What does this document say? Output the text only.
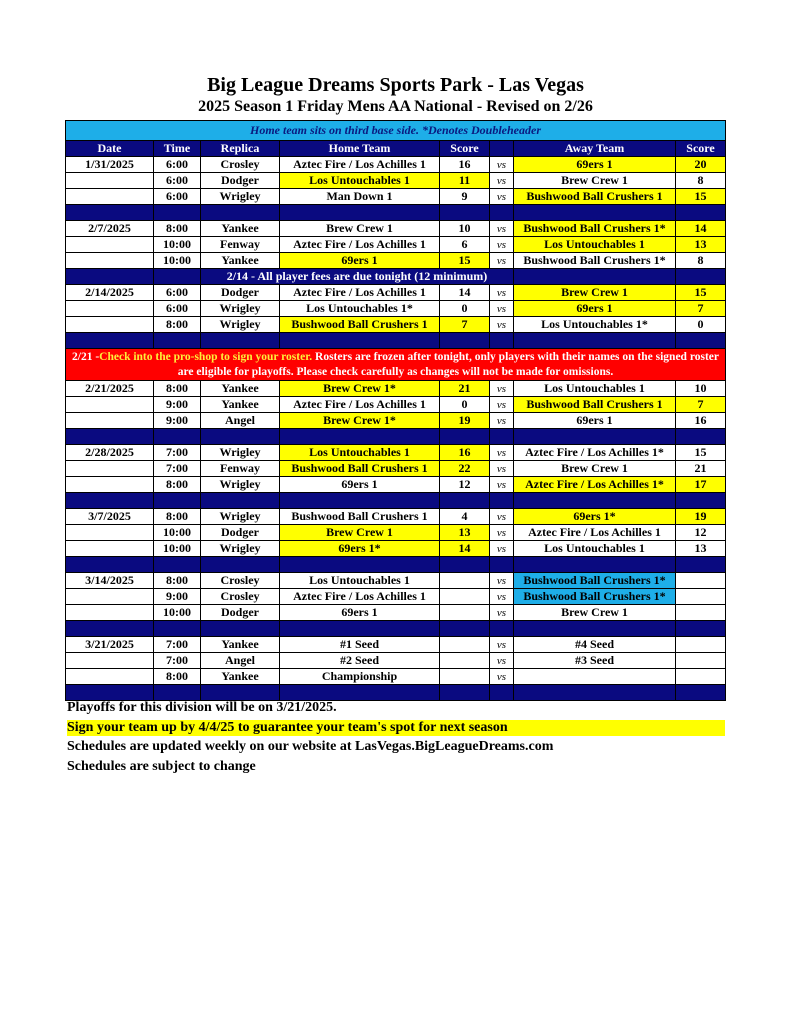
Big League Dreams Sports Park - Las Vegas
2025 Season 1 Friday Mens AA National - Revised on 2/26
Home team sits on third base side. *Denotes Doubleheader							
Date	Time	Replica	Home Team	Score		Away Team	Score
1/31/2025	6:00	Crosley	Aztec Fire / Los Achilles 1	16	vs	69ers 1	20
	6:00	Dodger	Los Untouchables 1	11	vs	Brew Crew 1	8
	6:00	Wrigley	Man Down 1	9	vs	Bushwood Ball Crushers 1	15

2/7/2025	8:00	Yankee	Brew Crew 1	10	vs	Bushwood Ball Crushers 1*	14
	10:00	Fenway	Aztec Fire / Los Achilles 1	6	vs	Los Untouchables 1	13
	10:00	Yankee	69ers 1	15	vs	Bushwood Ball Crushers 1*	8
		2/14 - All player fees are due tonight (12 minimum)					
2/14/2025	6:00	Dodger	Aztec Fire / Los Achilles 1	14	vs	Brew Crew 1	15
	6:00	Wrigley	Los Untouchables 1*	0	vs	69ers 1	7
	8:00	Wrigley	Bushwood Ball Crushers 1	7	vs	Los Untouchables 1*	0

2/21 -Check into the pro-shop to sign your roster. Rosters are frozen after tonight, only players with their names on the signed roster are eligible for playoffs. Please check carefully as changes will not be made for omissions.							
2/21/2025	8:00	Yankee	Brew Crew 1*	21	vs	Los Untouchables 1	10
	9:00	Yankee	Aztec Fire / Los Achilles 1	0	vs	Bushwood Ball Crushers 1	7
	9:00	Angel	Brew Crew 1*	19	vs	69ers 1	16

2/28/2025	7:00	Wrigley	Los Untouchables 1	16	vs	Aztec Fire / Los Achilles 1*	15
	7:00	Fenway	Bushwood Ball Crushers 1	22	vs	Brew Crew 1	21
	8:00	Wrigley	69ers 1	12	vs	Aztec Fire / Los Achilles 1*	17

3/7/2025	8:00	Wrigley	Bushwood Ball Crushers 1	4	vs	69ers 1*	19
	10:00	Dodger	Brew Crew 1	13	vs	Aztec Fire / Los Achilles 1	12
	10:00	Wrigley	69ers 1*	14	vs	Los Untouchables 1	13

3/14/2025	8:00	Crosley	Los Untouchables 1		vs	Bushwood Ball Crushers 1*	
	9:00	Crosley	Aztec Fire / Los Achilles 1		vs	Bushwood Ball Crushers 1*	
	10:00	Dodger	69ers 1		vs	Brew Crew 1	

3/21/2025	7:00	Yankee	#1 Seed		vs	#4 Seed	
	7:00	Angel	#2 Seed		vs	#3 Seed	
	8:00	Yankee	Championship		vs		

Playoffs for this division will be on 3/21/2025.
Sign your team up by 4/4/25 to guarantee your team's spot for next season
Schedules are updated weekly on our website at LasVegas.BigLeagueDreams.com
Schedules are subject to change
